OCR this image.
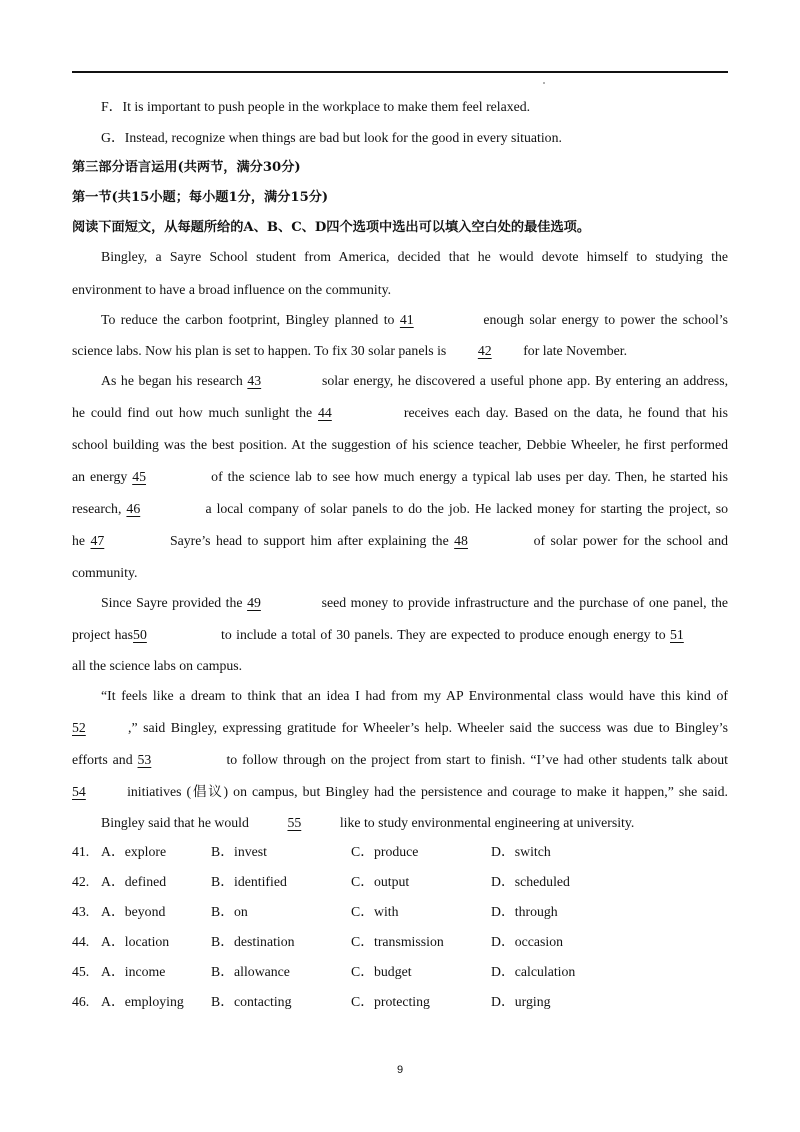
F．It is important to push people in the workplace to make them feel relaxed.
G．Instead, recognize when things are bad but look for the good in every situation.
第三部分语言运用(共两节，满分30分)
第一节(共15小题；每小题1分，满分15分)
阅读下面短文，从每题所给的A、B、C、D四个选项中选出可以填入空白处的最佳选项。
Bingley, a Sayre School student from America, decided that he would devote himself to studying the
environment to have a broad influence on the community.
To reduce the carbon footprint, Bingley planned to 41	enough solar energy to power the school’s
science labs. Now his plan is set to happen. To fix 30 solar panels is 42 for late November.
As he began his research 43	solar energy, he discovered a useful phone app. By entering an address,
he could find out how much sunlight the 44	receives each day. Based on the data, he found that his
school building was the best position. At the suggestion of his science teacher, Debbie Wheeler, he first performed
an energy 45	of the science lab to see how much energy a typical lab uses per day. Then, he started his
research, 46	a local company of solar panels to do the job. He lacked money for starting the project, so
he 47	Sayre’s head to support him after explaining the 48	of solar power for the school and
community.
Since Sayre provided the 49	seed money to provide infrastructure and the purchase of one panel, the
project has50	to include a total of 30 panels. They are expected to produce enough energy to 51
all the science labs on campus.
“It feels like a dream to think that an idea I had from my AP Environmental class would have this kind of
52	,” said Bingley, expressing gratitude for Wheeler’s help. Wheeler said the success was due to Bingley’s
efforts and 53	to follow through on the project from start to finish. “I’ve had other students talk about
54	initiatives (倡议) on campus, but Bingley had the persistence and courage to make it happen,” she said.
Bingley said that he would	55	like to study environmental engineering at university.
41. A．explore	B．invest	C．produce	D．switch
42. A．defined	B．identified	C．output	D．scheduled
43. A．beyond	B．on	C．with	D．through
44. A．location	B．destination	C．transmission	D．occasion
45. A．income	B．allowance	C．budget	D．calculation
46. A．employing B．contacting	C．protecting	D．urging
9
